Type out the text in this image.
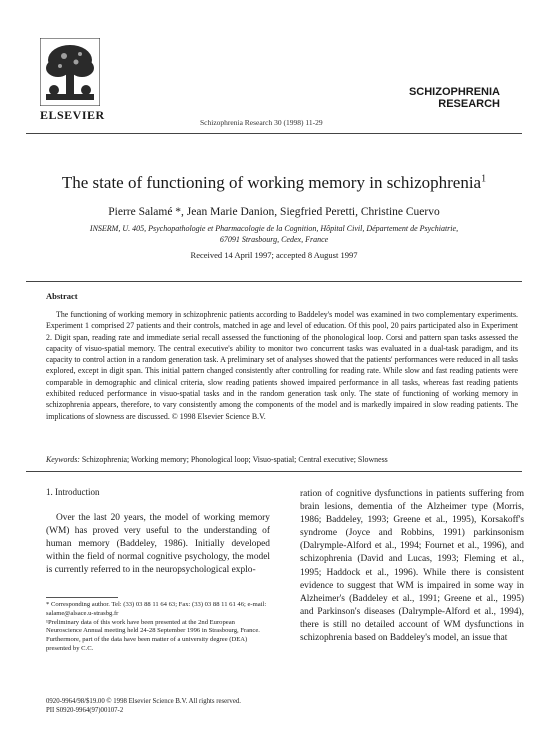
ELSEVIER
SCHIZOPHRENIA
RESEARCH
Schizophrenia Research 30 (1998) 11-29
The state of functioning of working memory in schizophrenia$^1$
Pierre Salamé *, Jean Marie Danion, Siegfried Peretti, Christine Cuervo
INSERM, U. 405, Psychopathologie et Pharmacologie de la Cognition, Hôpital Civil, Département de Psychiatrie,
67091 Strasbourg, Cedex, France
Received 14 April 1997; accepted 8 August 1997
Abstract
The functioning of working memory in schizophrenic patients according to Baddeley's model was examined in two complementary experiments. Experiment 1 comprised 27 patients and their controls, matched in age and level of education. Of this pool, 20 pairs participated also in Experiment 2. Digit span, reading rate and immediate serial recall assessed the functioning of the phonological loop. Corsi and pattern span tasks assessed the capacity of visuo-spatial memory. The central executive's ability to monitor two concurrent tasks was evaluated in a dual-task paradigm, and its capacity to control action in a random generation task. A preliminary set of analyses showed that the patients' performances were reduced in all tasks explored, except in digit span. This initial pattern changed consistently after controlling for reading rate. While slow and fast reading patients were comparable in demographic and clinical criteria, slow reading patients showed impaired performance in all tasks, whereas fast reading patients exhibited reduced performance in visuo-spatial tasks and in the random generation task only. The state of functioning of working memory in schizophrenia appears, therefore, to vary consistently among the components of the model and is markedly impaired in slow reading patients. The implications of slowness are discussed. © 1998 Elsevier Science B.V.
Keywords: Schizophrenia; Working memory; Phonological loop; Visuo-spatial; Central executive; Slowness
1. Introduction
Over the last 20 years, the model of working memory (WM) has proved very useful to the understanding of human memory (Baddeley, 1986). Initially developed within the field of normal cognitive psychology, the model is currently referred to in the neuropsychological explo-
ration of cognitive dysfunctions in patients suffering from brain lesions, dementia of the Alzheimer type (Morris, 1986; Baddeley, 1993; Greene et al., 1995), Korsakoff's syndrome (Joyce and Robbins, 1991) parkinsonism (Dalrymple-Alford et al., 1994; Fournet et al., 1996), and schizophrenia (David and Lucas, 1993; Fleming et al., 1995; Haddock et al., 1996). While there is consistent evidence to suggest that WM is impaired in some way in Alzheimer's (Baddeley et al., 1991; Greene et al., 1995) and Parkinson's diseases (Dalrymple-Alford et al., 1994), there is still no detailed account of WM dysfunctions in schizophrenia based on Baddeley's model, an issue that

* Corresponding author. Tel: (33) 03 88 11 64 63; Fax: (33) 03 88 11 61 46; e-mail: salame@alsace.u-strasbg.fr

¹Preliminary data of this work have been presented at the 2nd European Neuroscience Annual meeting held 24-28 September 1996 in Strasbourg, France. Furthermore, part of the data have been matter of a university degree (DEA) presented by C.C.

0920-9964/98/$19.00 © 1998 Elsevier Science B.V. All rights reserved.

PII S0920-9964(97)00107-2
